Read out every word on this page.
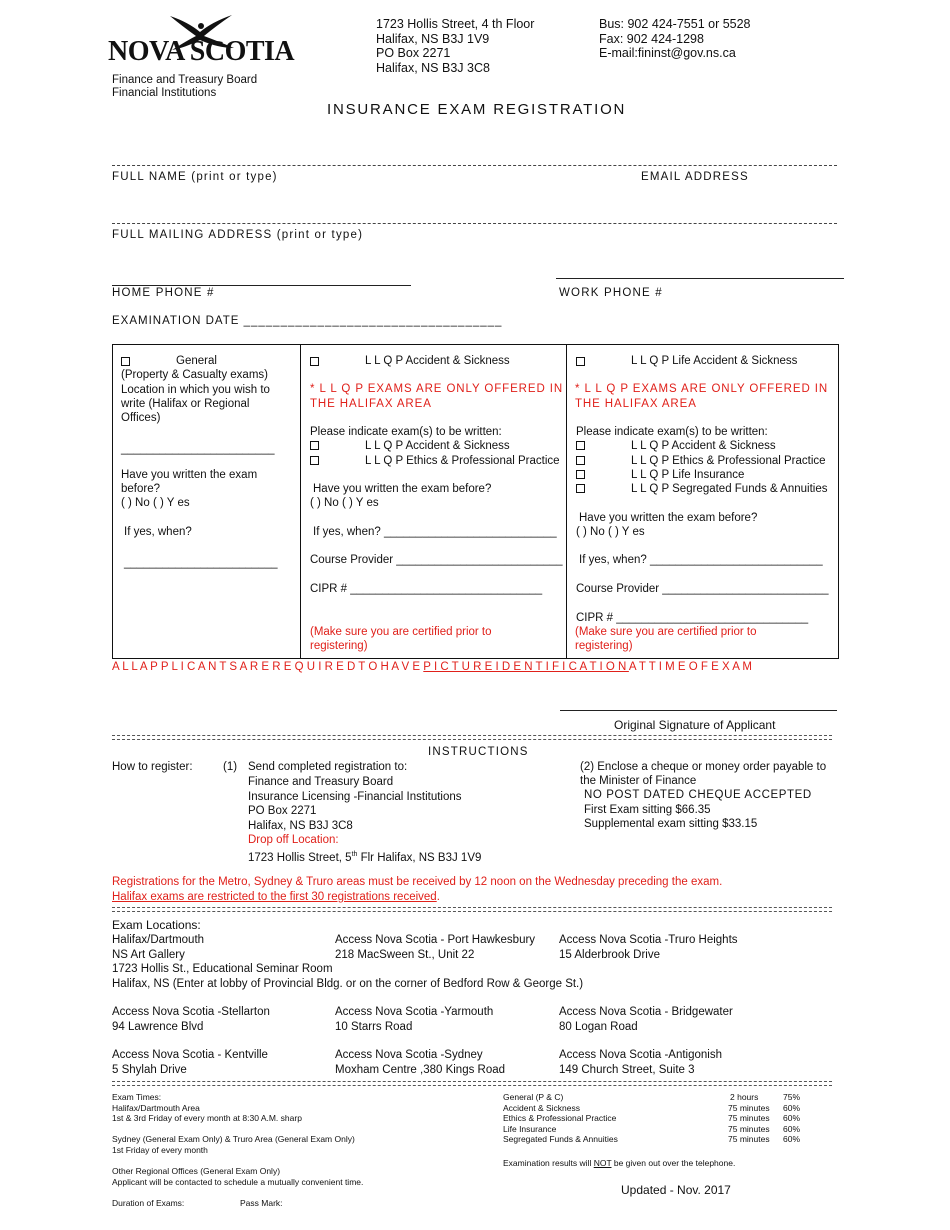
NOVA SCOTIA
Finance and Treasury Board
Financial Institutions
1723 Hollis Street, 4 th Floor
Halifax, NS B3J 1V9
PO Box 2271
Halifax, NS B3J 3C8
Bus: 902 424-7551 or 5528
Fax: 902 424-1298
E-mail:fininst@gov.ns.ca
INSURANCE EXAM REGISTRATION
FULL NAME (print or type)	EMAIL ADDRESS
FULL MAILING ADDRESS (print or type)
HOME PHONE #	WORK PHONE #
EXAMINATION DATE ___________________________________
General
(Property & Casualty exams)
Location in which you wish to
write (Halifax or Regional
Offices)
________________________
Have you written the exam
before?
( ) No ( ) Y es
If yes, when?
________________________
L L Q P Accident & Sickness
* L L Q P EXAMS ARE ONLY OFFERED IN
THE HALIFAX AREA
Please indicate exam(s) to be written:
L L Q P Accident & Sickness
L L Q P Ethics & Professional Practice
Have you written the exam before?
( ) No ( ) Y es
If yes, when? ___________________________
Course Provider __________________________
CIPR # ______________________________
(Make sure you are certified prior to
registering)
L L Q P Life Accident & Sickness
* L L Q P EXAMS ARE ONLY OFFERED IN
THE HALIFAX AREA
Please indicate exam(s) to be written:
L L Q P Accident & Sickness
L L Q P Ethics & Professional Practice
L L Q P Life Insurance
L L Q P Segregated Funds & Annuities
Have you written the exam before?
( ) No ( ) Y es
If yes, when? ___________________________
Course Provider __________________________
CIPR # ______________________________
(Make sure you are certified prior to
registering)
A L L A P P L I C A N T S A R E R E Q U I R E D T O H A V E P I C T U R E I D E N T I F I C A T I O N A T T I M E O F E X A M
Original Signature of Applicant
INSTRUCTIONS
How to register:	(1) Send completed registration to:
Finance and Treasury Board
Insurance Licensing -Financial Institutions
PO Box 2271
Halifax, NS B3J 3C8
Drop off Location:
1723 Hollis Street, 5th Flr Halifax, NS B3J 1V9
(2) Enclose a cheque or money order payable to
the Minister of Finance
NO POST DATED CHEQUE ACCEPTED
First Exam sitting $66.35
Supplemental exam sitting $33.15
Registrations for the Metro, Sydney & Truro areas must be received by 12 noon on the Wednesday preceding the exam.
Halifax exams are restricted to the first 30 registrations received.
Exam Locations:
Halifax/Dartmouth
NS Art Gallery
1723 Hollis St., Educational Seminar Room
Halifax, NS (Enter at lobby of Provincial Bldg. or on the corner of Bedford Row & George St.)
Access Nova Scotia - Port Hawkesbury
218 MacSween St., Unit 22
Access Nova Scotia -Truro Heights
15 Alderbrook Drive
Access Nova Scotia -Stellarton
94 Lawrence Blvd
Access Nova Scotia -Yarmouth
10 Starrs Road
Access Nova Scotia - Bridgewater
80 Logan Road
Access Nova Scotia - Kentville
5 Shylah Drive
Access Nova Scotia -Sydney
Moxham Centre ,380 Kings Road
Access Nova Scotia -Antigonish
149 Church Street, Suite 3
Exam Times:
Halifax/Dartmouth Area
1st & 3rd Friday of every month at 8:30 A.M. sharp
Sydney (General Exam Only) & Truro Area (General Exam Only)
1st Friday of every month
Other Regional Offices (General Exam Only)
Applicant will be contacted to schedule a mutually convenient time.
Duration of Exams:	Pass Mark:
General (P & C)	2 hours	75%
Accident & Sickness	75 minutes 60%
Ethics & Professional Practice	75 minutes 60%
Life Insurance	75 minutes 60%
Segregated Funds & Annuities	75 minutes 60%
Examination results will NOT be given out over the telephone.
Updated - Nov. 2017
